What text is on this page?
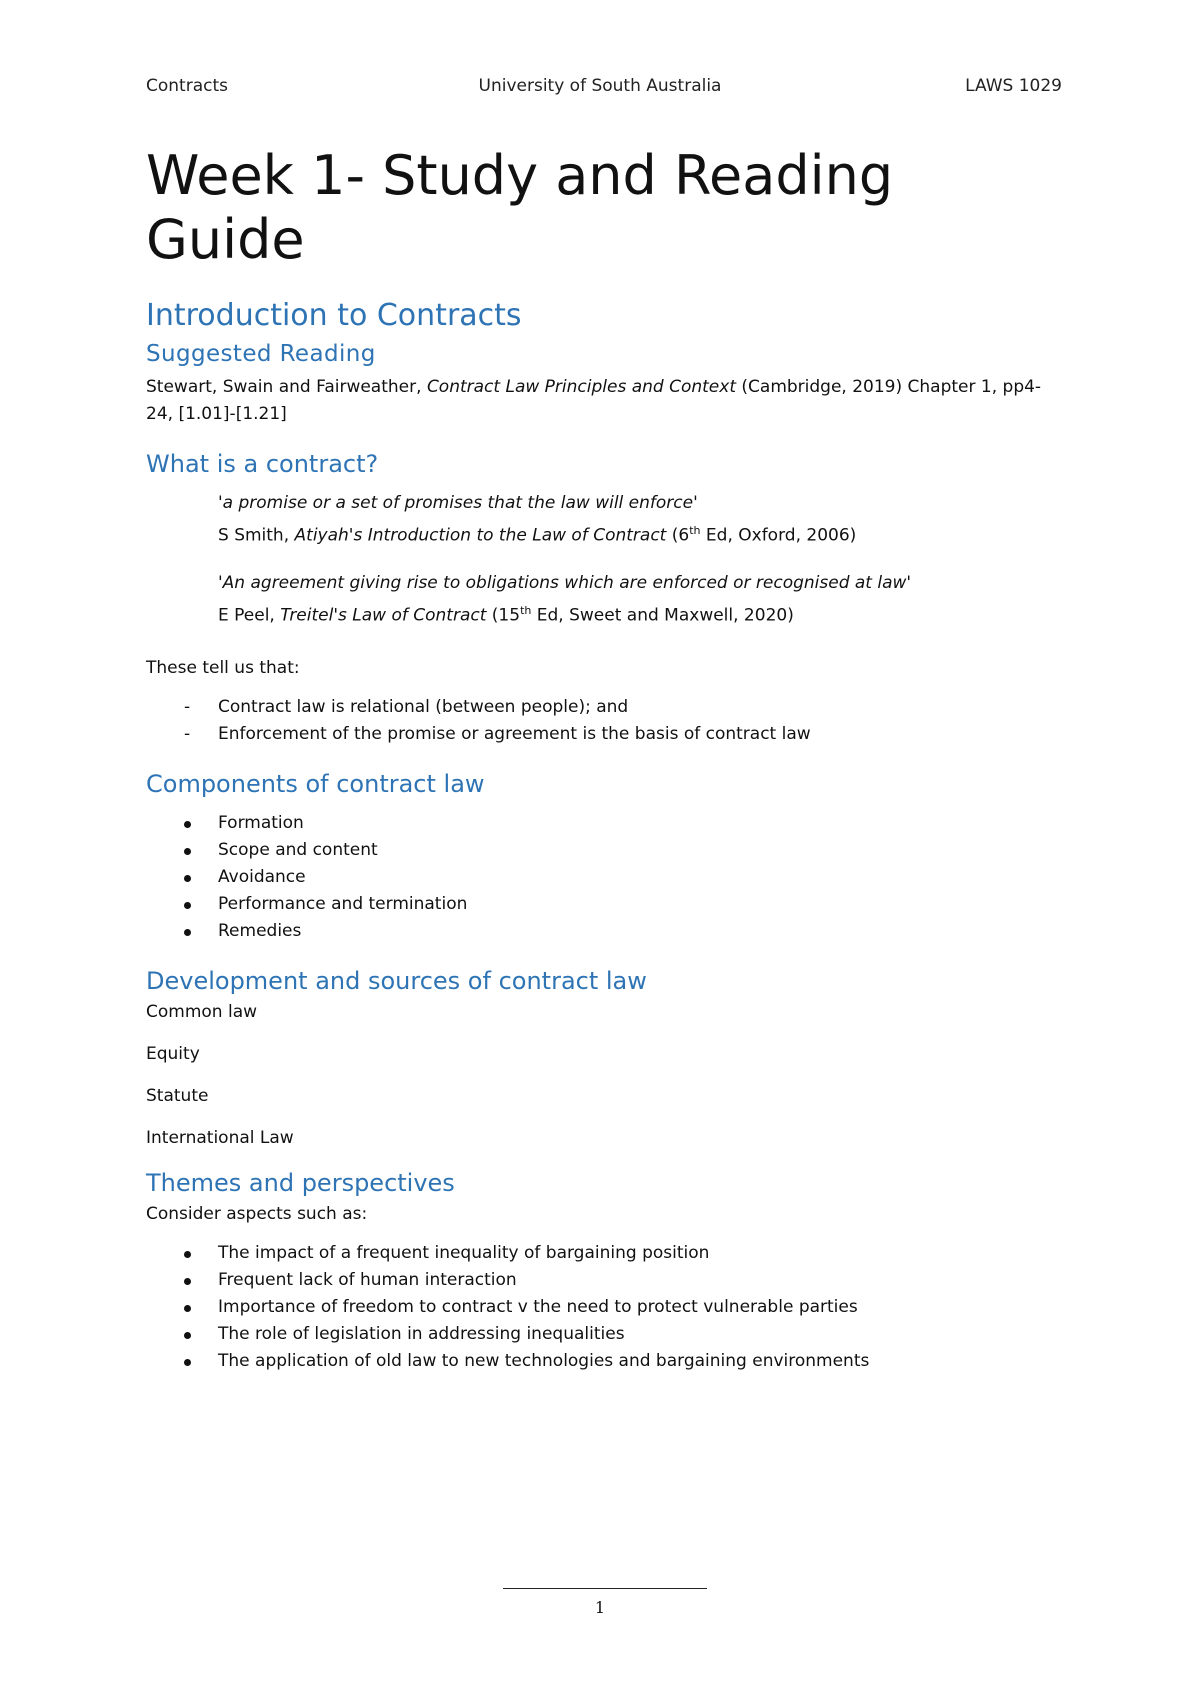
Contracts	University of South Australia	LAWS 1029
Week 1- Study and Reading Guide
Introduction to Contracts
Suggested Reading

Stewart, Swain and Fairweather, Contract Law Principles and Context (Cambridge, 2019) Chapter 1, pp4-24, [1.01]-[1.21]

What is a contract?
'a promise or a set of promises that the law will enforce'
S Smith, Atiyah's Introduction to the Law of Contract (6th Ed, Oxford, 2006)
'An agreement giving rise to obligations which are enforced or recognised at law'
E Peel, Treitel's Law of Contract (15th Ed, Sweet and Maxwell, 2020)

These tell us that:

- Contract law is relational (between people); and
- Enforcement of the promise or agreement is the basis of contract law
Components of contract law
Formation
Scope and content
Avoidance
Performance and termination
Remedies
Development and sources of contract law

Common law

Equity

Statute

International Law

Themes and perspectives

Consider aspects such as:

The impact of a frequent inequality of bargaining position
Frequent lack of human interaction
Importance of freedom to contract v the need to protect vulnerable parties
The role of legislation in addressing inequalities
The application of old law to new technologies and bargaining environments
1
